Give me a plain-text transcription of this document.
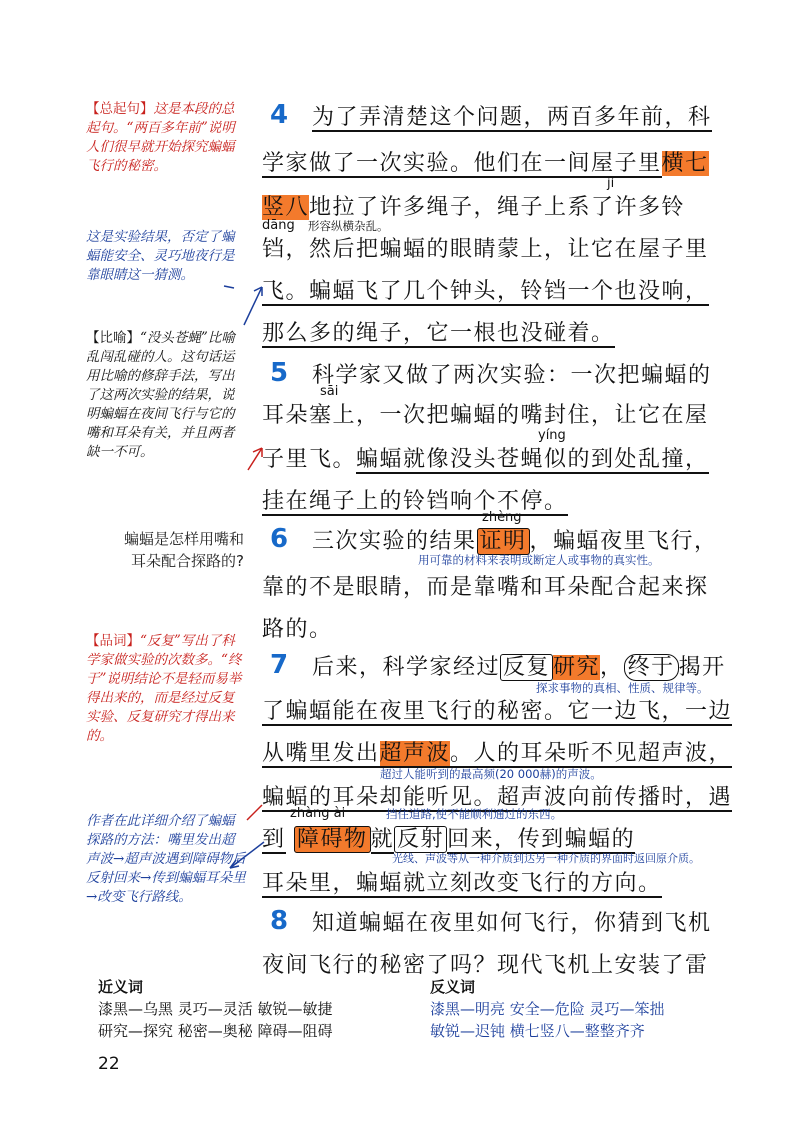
【总起句】这是本段的总起句。“两百多年前”说明人们很早就开始探究蝙蝠飞行的秘密。
这是实验结果，否定了蝙蝠能安全、灵巧地夜行是靠眼睛这一猜测。
【比喻】“没头苍蝇”比喻乱闯乱碰的人。这句话运用比喻的修辞手法，写出了这两次实验的结果，说明蝙蝠在夜间飞行与它的嘴和耳朵有关，并且两者缺一不可。
蝙蝠是怎样用嘴和耳朵配合探路的?
【品词】“反复”写出了科学家做实验的次数多。“终于”说明结论不是轻而易举得出来的，而是经过反复实验、反复研究才得出来的。
作者在此详细介绍了蝙蝠探路的方法：嘴里发出超声波→超声波遇到障碍物后反射回来→传到蝙蝠耳朵里→改变飞行路线。
4 为了弄清楚这个问题，两百多年前，科
学家做了一次实验。他们在一间屋子里横七
jì
竖八地拉了许多绳子，绳子上系了许多铃
dāng 形容纵横杂乱。
铛，然后把蝙蝠的眼睛蒙上，让它在屋子里
飞。蝙蝠飞了几个钟头，铃铛一个也没响，
那么多的绳子，它一根也没碰着。
5 科学家又做了两次实验：一次把蝙蝠的
sāi
耳朵塞上，一次把蝙蝠的嘴封住，让它在屋
yíng
子里飞。蝙蝠就像没头苍蝇似的到处乱撞，
挂在绳子上的铃铛响个不停。
zhèng
6 三次实验的结果 证明 ，蝙蝠夜里飞行，
用可靠的材料来表明或断定人或事物的真实性。
靠的不是眼睛，而是靠嘴和耳朵配合起来探
路的。
7 后来，科学家经过 反复 研究， 终于 揭开
探求事物的真相、性质、规律等。
了蝙蝠能在夜里飞行的秘密。它一边飞，一边
从嘴里发出超声波。人的耳朵听不见超声波，
超过人能听到的最高频(20 000赫)的声波。
蝙蝠的耳朵却能听见。超声波向前传播时，遇
zhàng ài	挡住道路,使不能顺利通过的东西。
到 障碍物 就 反射 回来，传到蝙蝠的
光线、声波等从一种介质到达另一种介质的界面时返回原介质。
耳朵里，蝙蝠就立刻改变飞行的方向。
8 知道蝙蝠在夜里如何飞行，你猜到飞机
夜间飞行的秘密了吗？现代飞机上安装了雷
近义词
漆黑—乌黑 灵巧—灵活 敏锐—敏捷
研究—探究 秘密—奥秘 障碍—阻碍
反义词
漆黑—明亮 安全—危险 灵巧—笨拙
敏锐—迟钝 横七竖八—整整齐齐
22
